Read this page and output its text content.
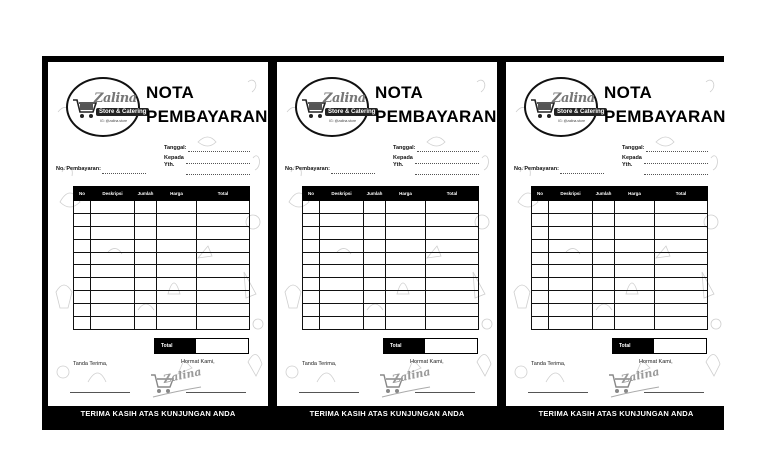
Zalina
Store & Catering
IG: @zalina.store
NOTA
PEMBAYARAN
Tanggal:
Kepada
Yth.
No. Pembayaran:
No	Deskripsi	Jumlah	Harga	Total

Total
Tanda Terima,	Hormat Kami,
Zalina
TERIMA KASIH ATAS KUNJUNGAN ANDA
Zalina
Store & Catering
IG: @zalina.store
NOTA
PEMBAYARAN
Tanggal:
Kepada
Yth.
No. Pembayaran:
No	Deskripsi	Jumlah	Harga	Total

Total
Tanda Terima,	Hormat Kami,
Zalina
TERIMA KASIH ATAS KUNJUNGAN ANDA
Zalina
Store & Catering
IG: @zalina.store
NOTA
PEMBAYARAN
Tanggal:
Kepada
Yth.
No. Pembayaran:
No	Deskripsi	Jumlah	Harga	Total

Total
Tanda Terima,	Hormat Kami,
Zalina
TERIMA KASIH ATAS KUNJUNGAN ANDA
